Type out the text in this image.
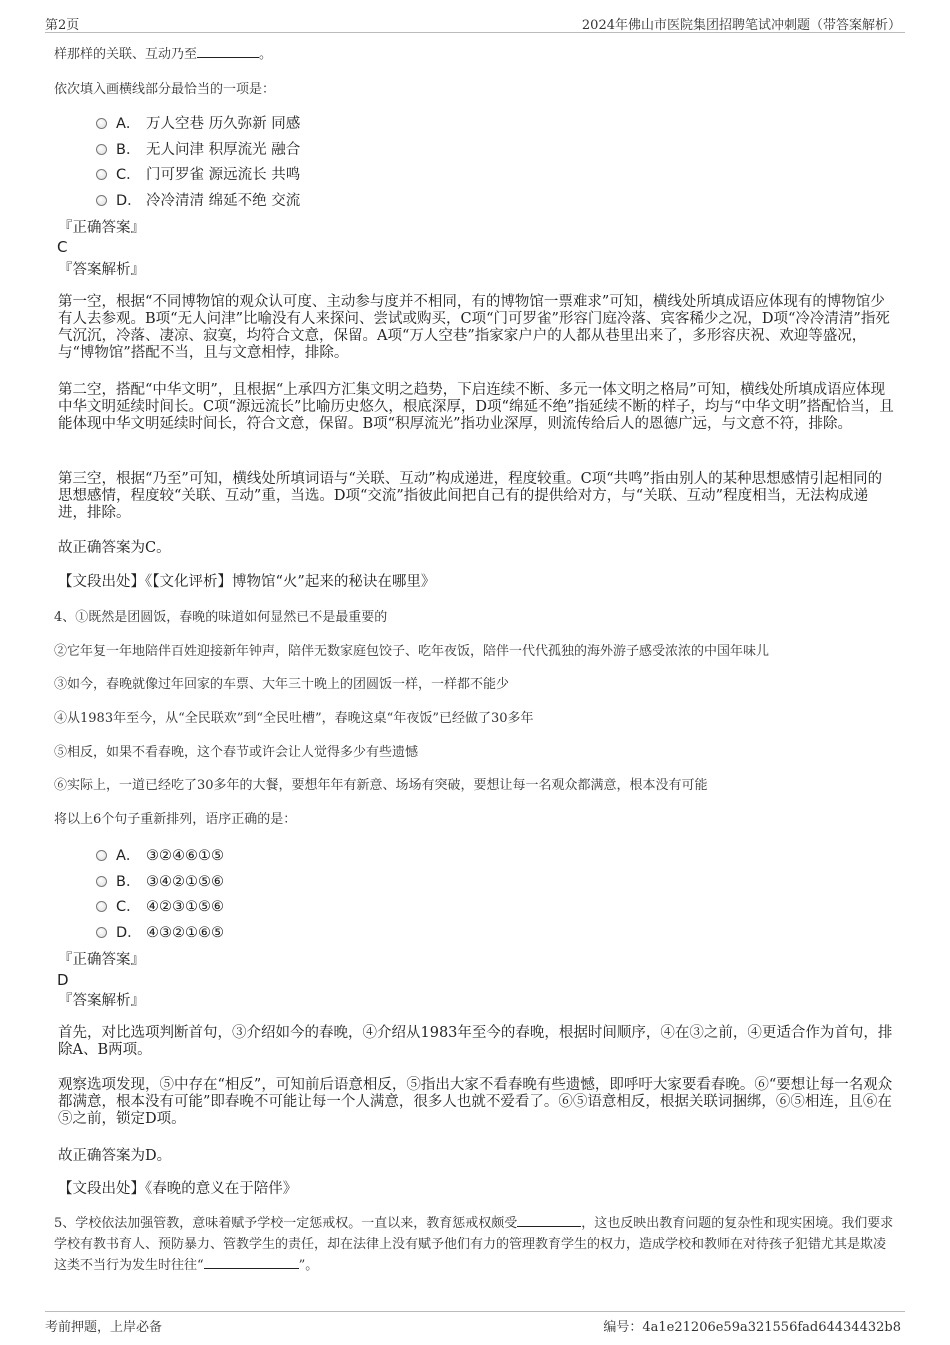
第2页	2024年佛山市医院集团招聘笔试冲刺题（带答案解析）
样那样的关联、互动乃至	。
依次填入画横线部分最恰当的一项是：
A． 万人空巷 历久弥新 同感
B． 无人问津 积厚流光 融合
C． 门可罗雀 源远流长 共鸣
D． 冷冷清清 绵延不绝 交流
『正确答案』
C
『答案解析』
第一空，根据“不同博物馆的观众认可度、主动参与度并不相同，有的博物馆一票难求”可知，横线处所填成语应体现有的博物馆少有人去参观。B项“无人问津”比喻没有人来探问、尝试或购买，C项“门可罗雀”形容门庭冷落、宾客稀少之况，D项“冷冷清清”指死气沉沉，冷落、凄凉、寂寞，均符合文意，保留。A项“万人空巷”指家家户户的人都从巷里出来了，多形容庆祝、欢迎等盛况，与“博物馆”搭配不当，且与文意相悖，排除。
第二空，搭配“中华文明”，且根据“上承四方汇集文明之趋势，下启连续不断、多元一体文明之格局”可知，横线处所填成语应体现中华文明延续时间长。C项“源远流长”比喻历史悠久，根底深厚，D项“绵延不绝”指延续不断的样子，均与“中华文明”搭配恰当，且能体现中华文明延续时间长，符合文意，保留。B项“积厚流光”指功业深厚，则流传给后人的恩德广远，与文意不符，排除。
第三空，根据“乃至”可知，横线处所填词语与“关联、互动”构成递进，程度较重。C项“共鸣”指由别人的某种思想感情引起相同的思想感情，程度较“关联、互动”重，当选。D项“交流”指彼此间把自己有的提供给对方，与“关联、互动”程度相当，无法构成递进，排除。
故正确答案为C。
【文段出处】《【文化评析】博物馆“火”起来的秘诀在哪里》
4、①既然是团圆饭，春晚的味道如何显然已不是最重要的
②它年复一年地陪伴百姓迎接新年钟声，陪伴无数家庭包饺子、吃年夜饭，陪伴一代代孤独的海外游子感受浓浓的中国年味儿
③如今，春晚就像过年回家的车票、大年三十晚上的团圆饭一样，一样都不能少
④从1983年至今，从“全民联欢”到“全民吐槽”，春晚这桌“年夜饭”已经做了30多年
⑤相反，如果不看春晚，这个春节或许会让人觉得多少有些遗憾
⑥实际上，一道已经吃了30多年的大餐，要想年年有新意、场场有突破，要想让每一名观众都满意，根本没有可能
将以上6个句子重新排列，语序正确的是：
A． ③②④⑥①⑤
B． ③④②①⑤⑥
C． ④②③①⑤⑥
D． ④③②①⑥⑤
『正确答案』
D
『答案解析』
首先，对比选项判断首句，③介绍如今的春晚，④介绍从1983年至今的春晚，根据时间顺序，④在③之前，④更适合作为首句，排除A、B两项。
观察选项发现，⑤中存在“相反”，可知前后语意相反，⑤指出大家不看春晚有些遗憾，即呼吁大家要看春晚。⑥“要想让每一名观众都满意，根本没有可能”即春晚不可能让每一个人满意，很多人也就不爱看了。⑥⑤语意相反，根据关联词捆绑，⑥⑤相连，且⑥在⑤之前，锁定D项。
故正确答案为D。
【文段出处】《春晚的意义在于陪伴》
5、学校依法加强管教，意味着赋予学校一定惩戒权。一直以来，教育惩戒权颇受	，这也反映出教育问题的复杂性和现实困境。我们要求学校有教书育人、预防暴力、管教学生的责任，却在法律上没有赋予他们有力的管理教育学生的权力，造成学校和教师在对待孩子犯错尤其是欺凌这类不当行为发生时往往“	”。
考前押题，上岸必备	编号：4a1e21206e59a321556fad64434432b8
